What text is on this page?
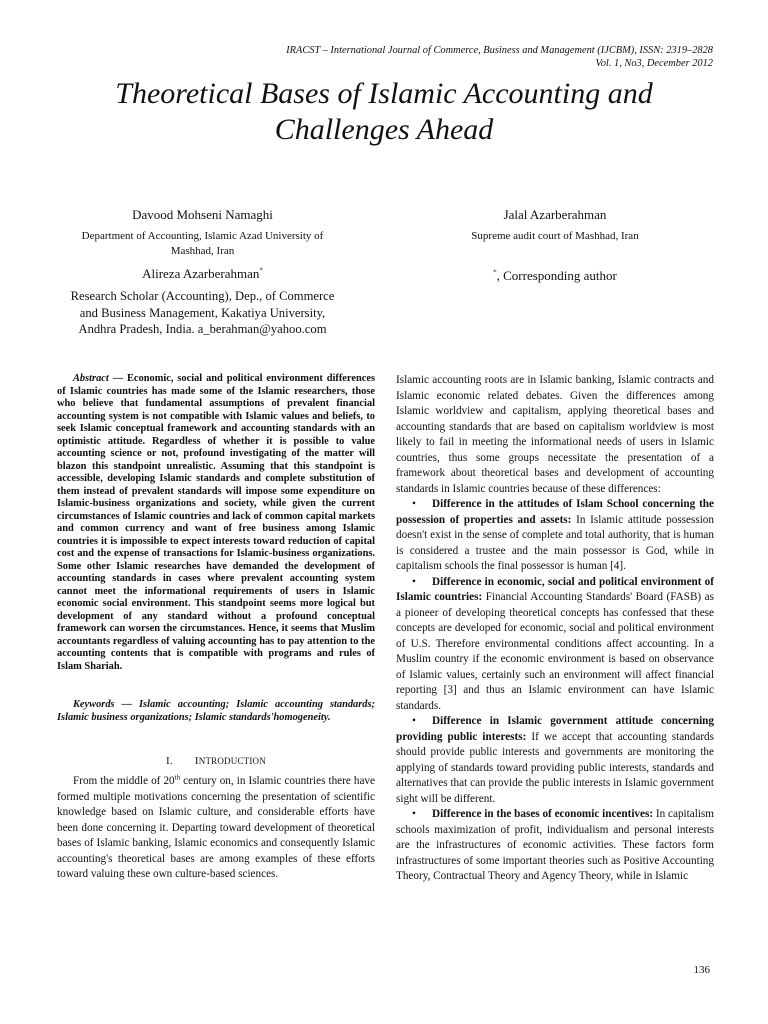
IRACST – International Journal of Commerce, Business and Management (IJCBM), ISSN: 2319–2828
Vol. 1, No3, December 2012
Theoretical Bases of Islamic Accounting and
Challenges Ahead
Davood Mohseni Namaghi
Department of Accounting, Islamic Azad University of
Mashhad, Iran
Jalal Azarberahman
Supreme audit court of Mashhad, Iran
Alireza Azarberahman*
Research Scholar (Accounting), Dep., of Commerce
and Business Management, Kakatiya University,
Andhra Pradesh, India. a_berahman@yahoo.com
*, Corresponding author

Abstract — Economic, social and political environment differences of Islamic countries has made some of the Islamic researchers, those who believe that fundamental assumptions of prevalent financial accounting system is not compatible with Islamic values and beliefs, to seek Islamic conceptual framework and accounting standards with an optimistic attitude. Regardless of whether it is possible to value accounting science or not, profound investigating of the matter will blazon this standpoint unrealistic. Assuming that this standpoint is accessible, developing Islamic standards and complete substitution of them instead of prevalent standards will impose some expenditure on Islamic-business organizations and society, while given the current circumstances of Islamic countries and lack of common capital markets and common currency and want of free business among Islamic countries it is impossible to expect interests toward reduction of capital cost and the expense of transactions for Islamic-business organizations. Some other Islamic researches have demanded the development of accounting standards in cases where prevalent accounting system cannot meet the informational requirements of users in Islamic economic social environment. This standpoint seems more logical but development of any standard without a profound conceptual framework can worsen the circumstances. Hence, it seems that Muslim accountants regardless of valuing accounting has to pay attention to the accounting contents that is compatible with programs and rules of Islam Shariah.

Keywords — Islamic accounting; Islamic accounting standards; Islamic business organizations; Islamic standards'homogeneity.

I. INTRODUCTION

From the middle of 20th century on, in Islamic countries there have formed multiple motivations concerning the presentation of scientific knowledge based on Islamic culture, and considerable efforts have been done concerning it. Departing toward development of theoretical bases of Islamic banking, Islamic economics and consequently Islamic accounting's theoretical bases are among examples of these efforts toward valuing these own culture-based sciences.

Islamic accounting roots are in Islamic banking, Islamic contracts and Islamic economic related debates. Given the differences among Islamic worldview and capitalism, applying theoretical bases and accounting standards that are based on capitalism worldview is most likely to fail in meeting the informational needs of users in Islamic countries, thus some groups necessitate the presentation of a framework about theoretical bases and development of accounting standards in Islamic countries because of these differences:

• Difference in the attitudes of Islam School concerning the possession of properties and assets: In Islamic attitude possession doesn't exist in the sense of complete and total authority, that is human is considered a trustee and the main possessor is God, while in capitalism schools the final possessor is human [4].

• Difference in economic, social and political environment of Islamic countries: Financial Accounting Standards' Board (FASB) as a pioneer of developing theoretical concepts has confessed that these concepts are developed for economic, social and political environment of U.S. Therefore environmental conditions affect accounting. In a Muslim country if the economic environment is based on observance of Islamic values, certainly such an environment will affect financial reporting [3] and thus an Islamic environment can have Islamic standards.

• Difference in Islamic government attitude concerning providing public interests: If we accept that accounting standards should provide public interests and governments are monitoring the applying of standards toward providing public interests, standards and alternatives that can provide the public interests in Islamic government sight will be different.

• Difference in the bases of economic incentives: In capitalism schools maximization of profit, individualism and personal interests are the infrastructures of economic activities. These factors form infrastructures of some important theories such as Positive Accounting Theory, Contractual Theory and Agency Theory, while in Islamic

136
